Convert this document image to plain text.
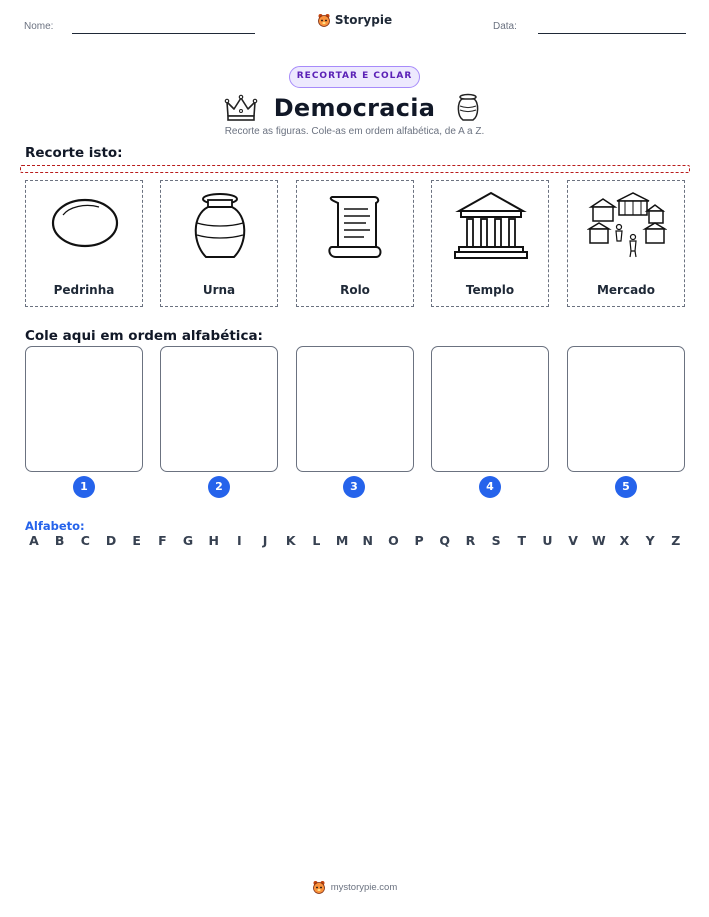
Nome:	Storypie	Data:
RECORTAR E COLAR
Democracia
Recorte as figuras. Cole-as em ordem alfabética, de A a Z.
Recorte isto:
Pedrinha	Urna	Rolo	Templo	Mercado
Cole aqui em ordem alfabética:
1	2	3	4	5
Alfabeto:
A	B	C	D	E	F	G	H	I	J	K	L	M	N	O	P	Q	R	S	T	U	V	W	X	Y	Z
mystorypie.com
